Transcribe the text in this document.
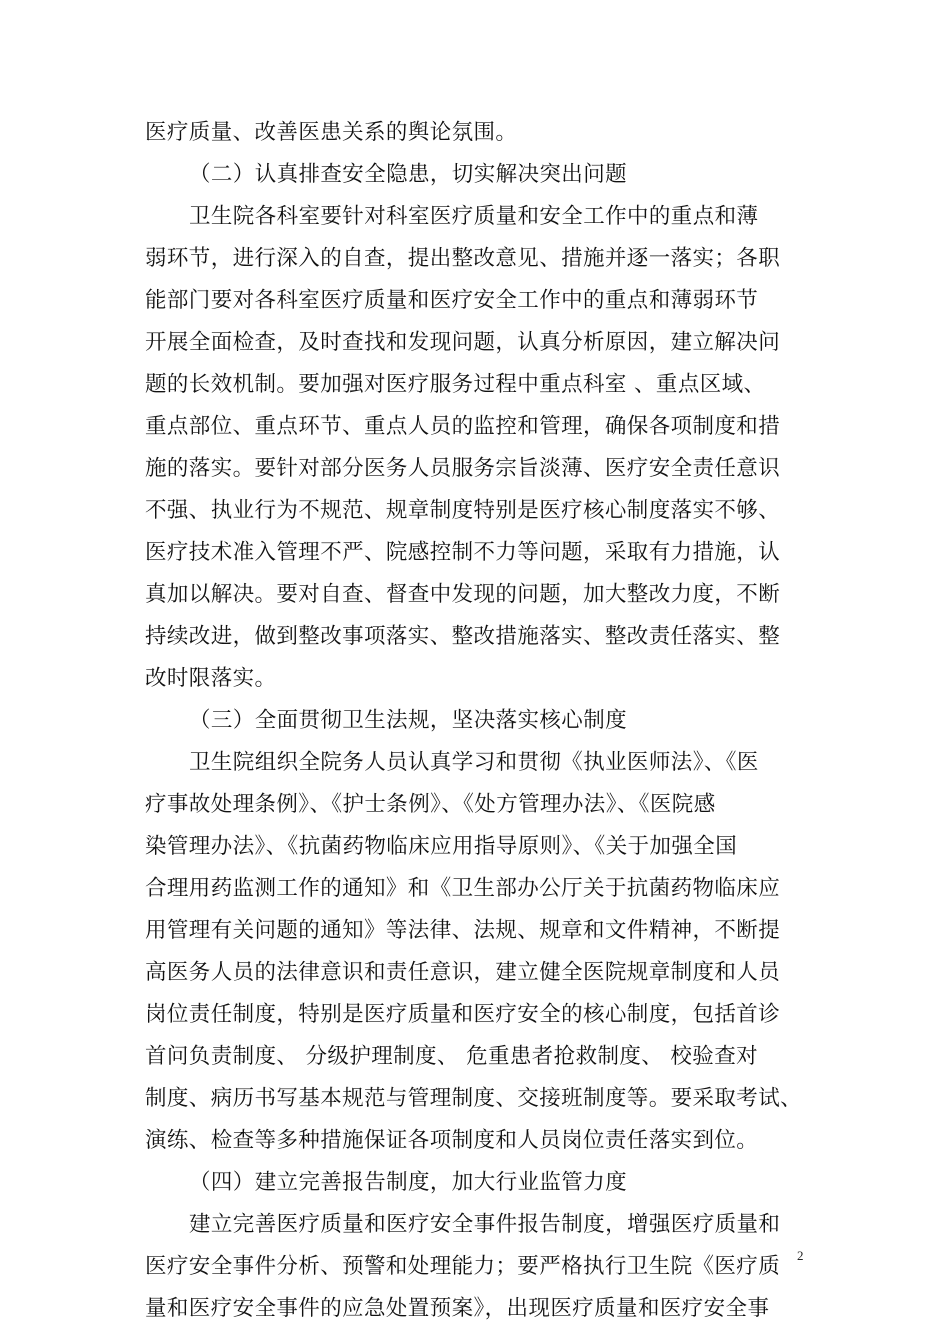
医疗质量、改善医患关系的舆论氛围。
（二）认真排查安全隐患，切实解决突出问题
卫生院各科室要针对科室医疗质量和安全工作中的重点和薄
弱环节，进行深入的自查，提出整改意见、措施并逐一落实；各职
能部门要对各科室医疗质量和医疗安全工作中的重点和薄弱环节
开展全面检查，及时查找和发现问题，认真分析原因，建立解决问
题的长效机制。要加强对医疗服务过程中重点科室 、重点区域、
重点部位、重点环节、重点人员的监控和管理，确保各项制度和措
施的落实。要针对部分医务人员服务宗旨淡薄、医疗安全责任意识
不强、执业行为不规范、规章制度特别是医疗核心制度落实不够、
医疗技术准入管理不严、院感控制不力等问题，采取有力措施，认
真加以解决。要对自查、督查中发现的问题，加大整改力度，不断
持续改进，做到整改事项落实、整改措施落实、整改责任落实、整
改时限落实。
（三）全面贯彻卫生法规，坚决落实核心制度
卫生院组织全院务人员认真学习和贯彻《执业医师法》、《医
疗事故处理条例》、《护士条例》、《处方管理办法》、《医院感
染管理办法》、《抗菌药物临床应用指导原则》、《关于加强全国
合理用药监测工作的通知》和《卫生部办公厅关于抗菌药物临床应
用管理有关问题的通知》等法律、法规、规章和文件精神，不断提
高医务人员的法律意识和责任意识，建立健全医院规章制度和人员
岗位责任制度，特别是医疗质量和医疗安全的核心制度，包括首诊
首问负责制度、 分级护理制度、 危重患者抢救制度、 校验查对
制度、病历书写基本规范与管理制度、交接班制度等。要采取考试、
演练、检查等多种措施保证各项制度和人员岗位责任落实到位。
（四）建立完善报告制度，加大行业监管力度
建立完善医疗质量和医疗安全事件报告制度，增强医疗质量和
医疗安全事件分析、预警和处理能力；要严格执行卫生院《医疗质
量和医疗安全事件的应急处置预案》，出现医疗质量和医疗安全事
2
